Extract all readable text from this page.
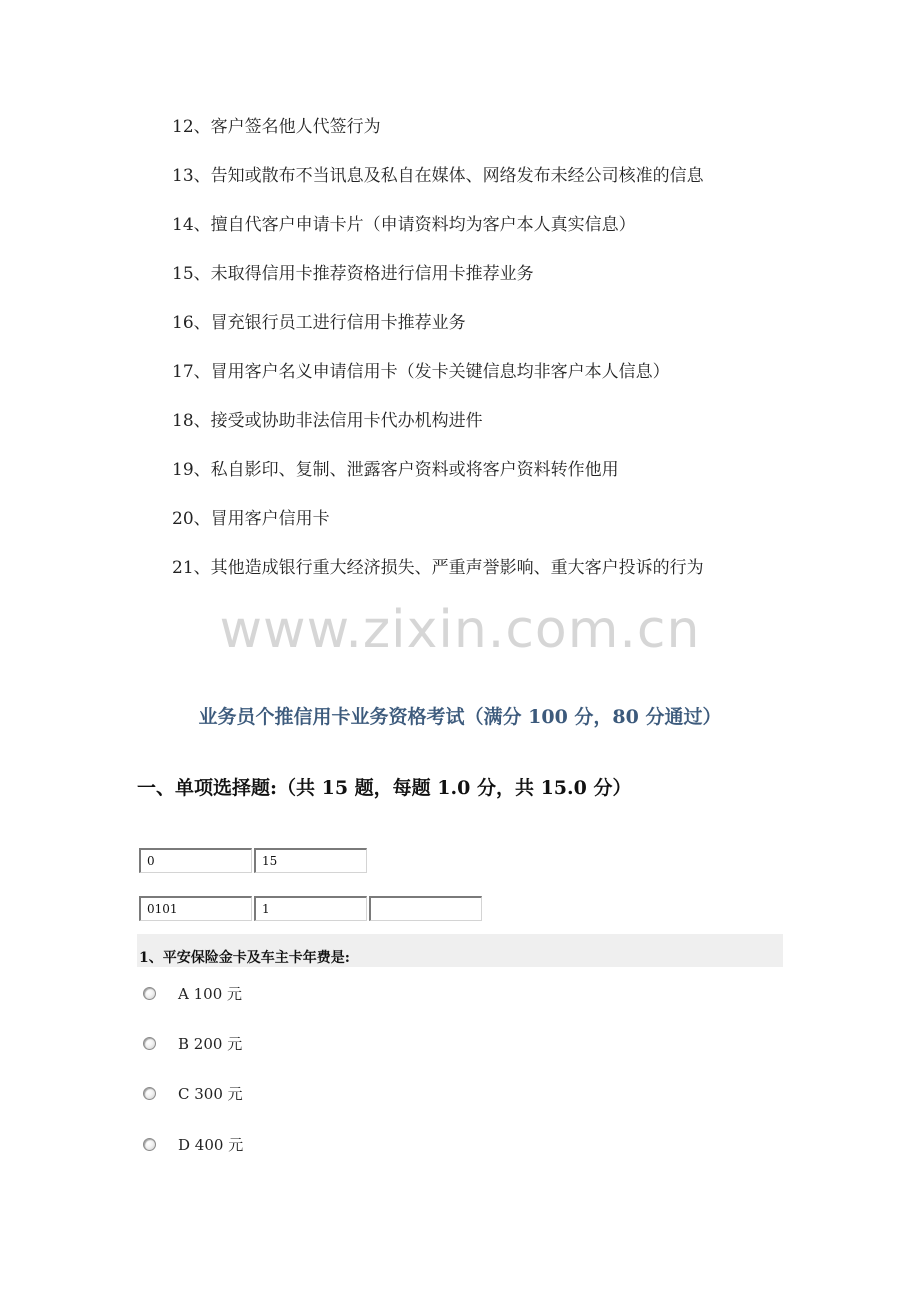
12、客户签名他人代签行为
13、告知或散布不当讯息及私自在媒体、网络发布未经公司核准的信息
14、擅自代客户申请卡片（申请资料均为客户本人真实信息）
15、未取得信用卡推荐资格进行信用卡推荐业务
16、冒充银行员工进行信用卡推荐业务
17、冒用客户名义申请信用卡（发卡关键信息均非客户本人信息）
18、接受或协助非法信用卡代办机构进件
19、私自影印、复制、泄露客户资料或将客户资料转作他用
20、冒用客户信用卡
21、其他造成银行重大经济损失、严重声誉影响、重大客户投诉的行为
www.zixin.com.cn
业务员个推信用卡业务资格考试（满分 100 分，80 分通过）
一、单项选择题:（共 15 题，每题 1.0 分，共 15.0 分）
0	15
0101	1
1、平安保险金卡及车主卡年费是:
A 100 元
B 200 元
C 300 元
D 400 元
